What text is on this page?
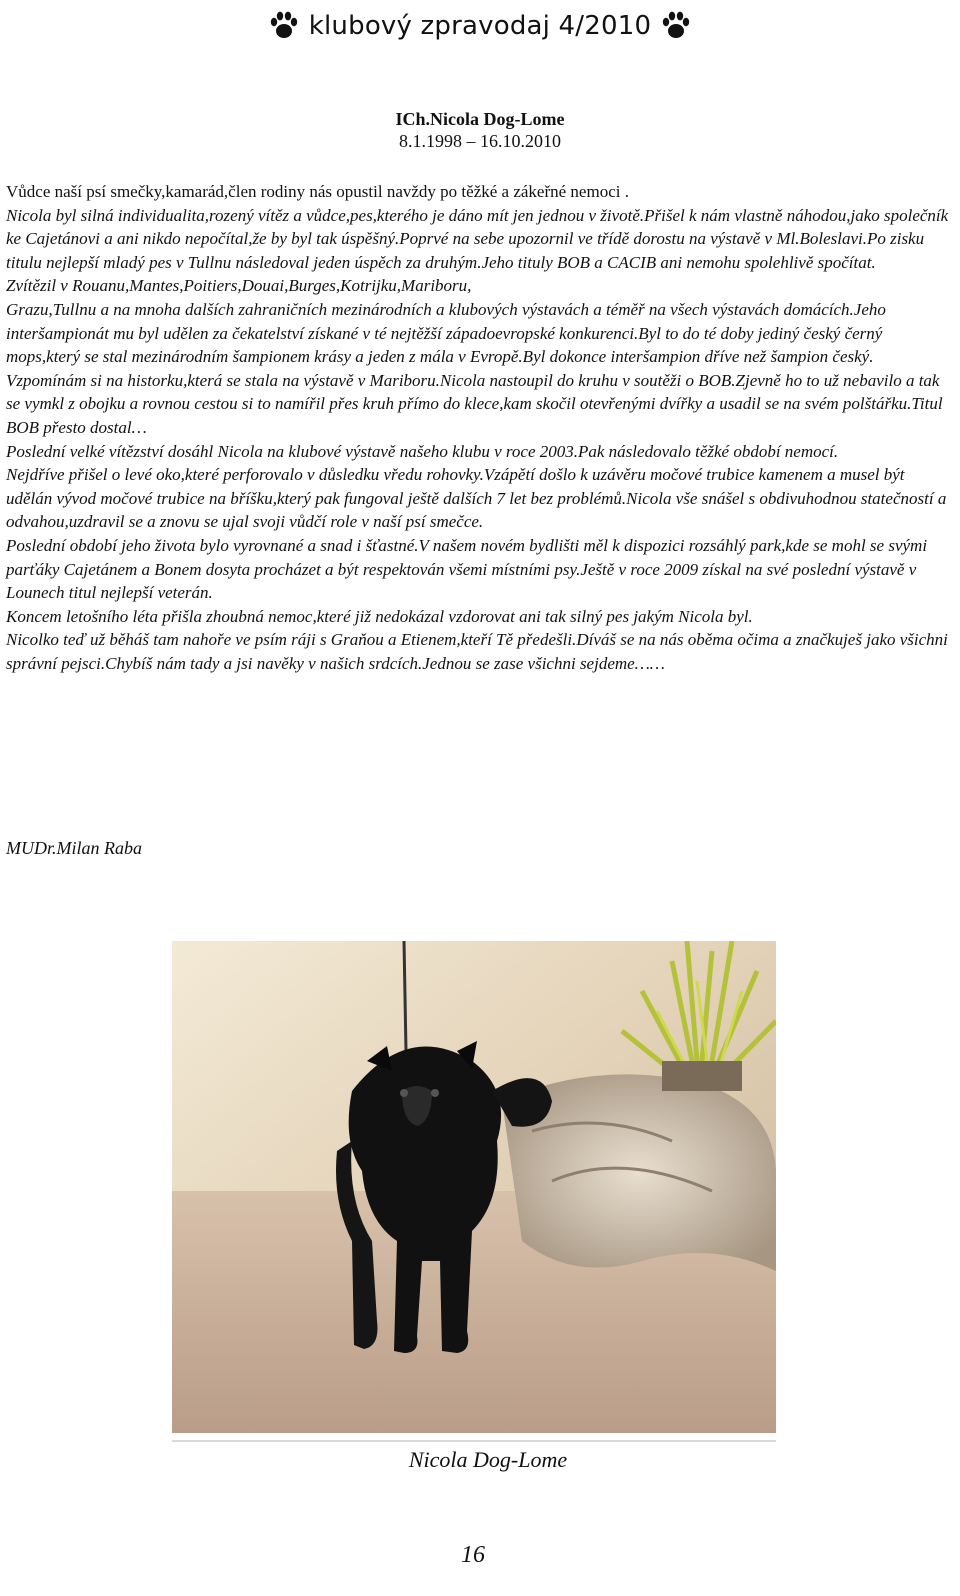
klubový zpravodaj 4/2010
ICh.Nicola Dog-Lome
8.1.1998 – 16.10.2010

Vůdce naší psí smečky,kamarád,člen rodiny nás opustil navždy po těžké a zákeřné nemoci .

Nicola byl silná individualita,rozený vítěz a vůdce,pes,kterého je dáno mít jen jednou v životě.Přišel k nám vlastně náhodou,jako společník ke Cajetánovi a ani nikdo nepočítal,že by byl tak úspěšný.Poprvé na sebe upozornil ve třídě dorostu na výstavě v Ml.Boleslavi.Po zisku titulu nejlepší mladý pes v Tullnu následoval jeden úspěch za druhým.Jeho tituly BOB a CACIB ani nemohu spolehlivě spočítat.

Zvítězil v Rouanu,Mantes,Poitiers,Douai,Burges,Kotrijku,Mariboru,

Grazu,Tullnu a na mnoha dalších zahraničních mezinárodních a klubových výstavách a téměř na všech výstavách domácích.Jeho interšampionát mu byl udělen za čekatelství získané v té nejtěžší západoevropské konkurenci.Byl to do té doby jediný český černý mops,který se stal mezinárodním šampionem krásy a jeden z mála v Evropě.Byl dokonce interšampion dříve než šampion český.

Vzpomínám si na historku,která se stala na výstavě v Mariboru.Nicola nastoupil do kruhu v soutěži o BOB.Zjevně ho to už nebavilo a tak se vymkl z obojku a rovnou cestou si to namířil přes kruh přímo do klece,kam skočil otevřenými dvířky a usadil se na svém polštářku.Titul BOB přesto dostal…

Poslední velké vítězství dosáhl Nicola na klubové výstavě našeho klubu v roce 2003.Pak následovalo těžké období nemocí.

Nejdříve přišel o levé oko,které perforovalo v důsledku vředu rohovky.Vzápětí došlo k uzávěru močové trubice kamenem a musel být udělán vývod močové trubice na bříšku,který pak fungoval ještě dalších 7 let bez problémů.Nicola vše snášel s obdivuhodnou statečností a odvahou,uzdravil se a znovu se ujal svoji vůdčí role v naší psí smečce.

Poslední období jeho života bylo vyrovnané a snad i šťastné.V našem novém bydlišti měl k dispozici rozsáhlý park,kde se mohl se svými parťáky Cajetánem a Bonem dosyta procházet a být respektován všemi místními psy.Ještě v roce 2009 získal na své poslední výstavě v Lounech titul nejlepší veterán.

Koncem letošního léta přišla zhoubná nemoc,které již nedokázal vzdorovat ani tak silný pes jakým Nicola byl.

Nicolko teď už běháš tam nahoře ve psím ráji s Graňou a Etienem,kteří Tě předešli.Díváš se na nás oběma očima a značkuješ jako všichni správní pejsci.Chybíš nám tady a jsi navěky v našich srdcích.Jednou se zase všichni sejdeme……

MUDr.Milan Raba
Nicola Dog-Lome
16
